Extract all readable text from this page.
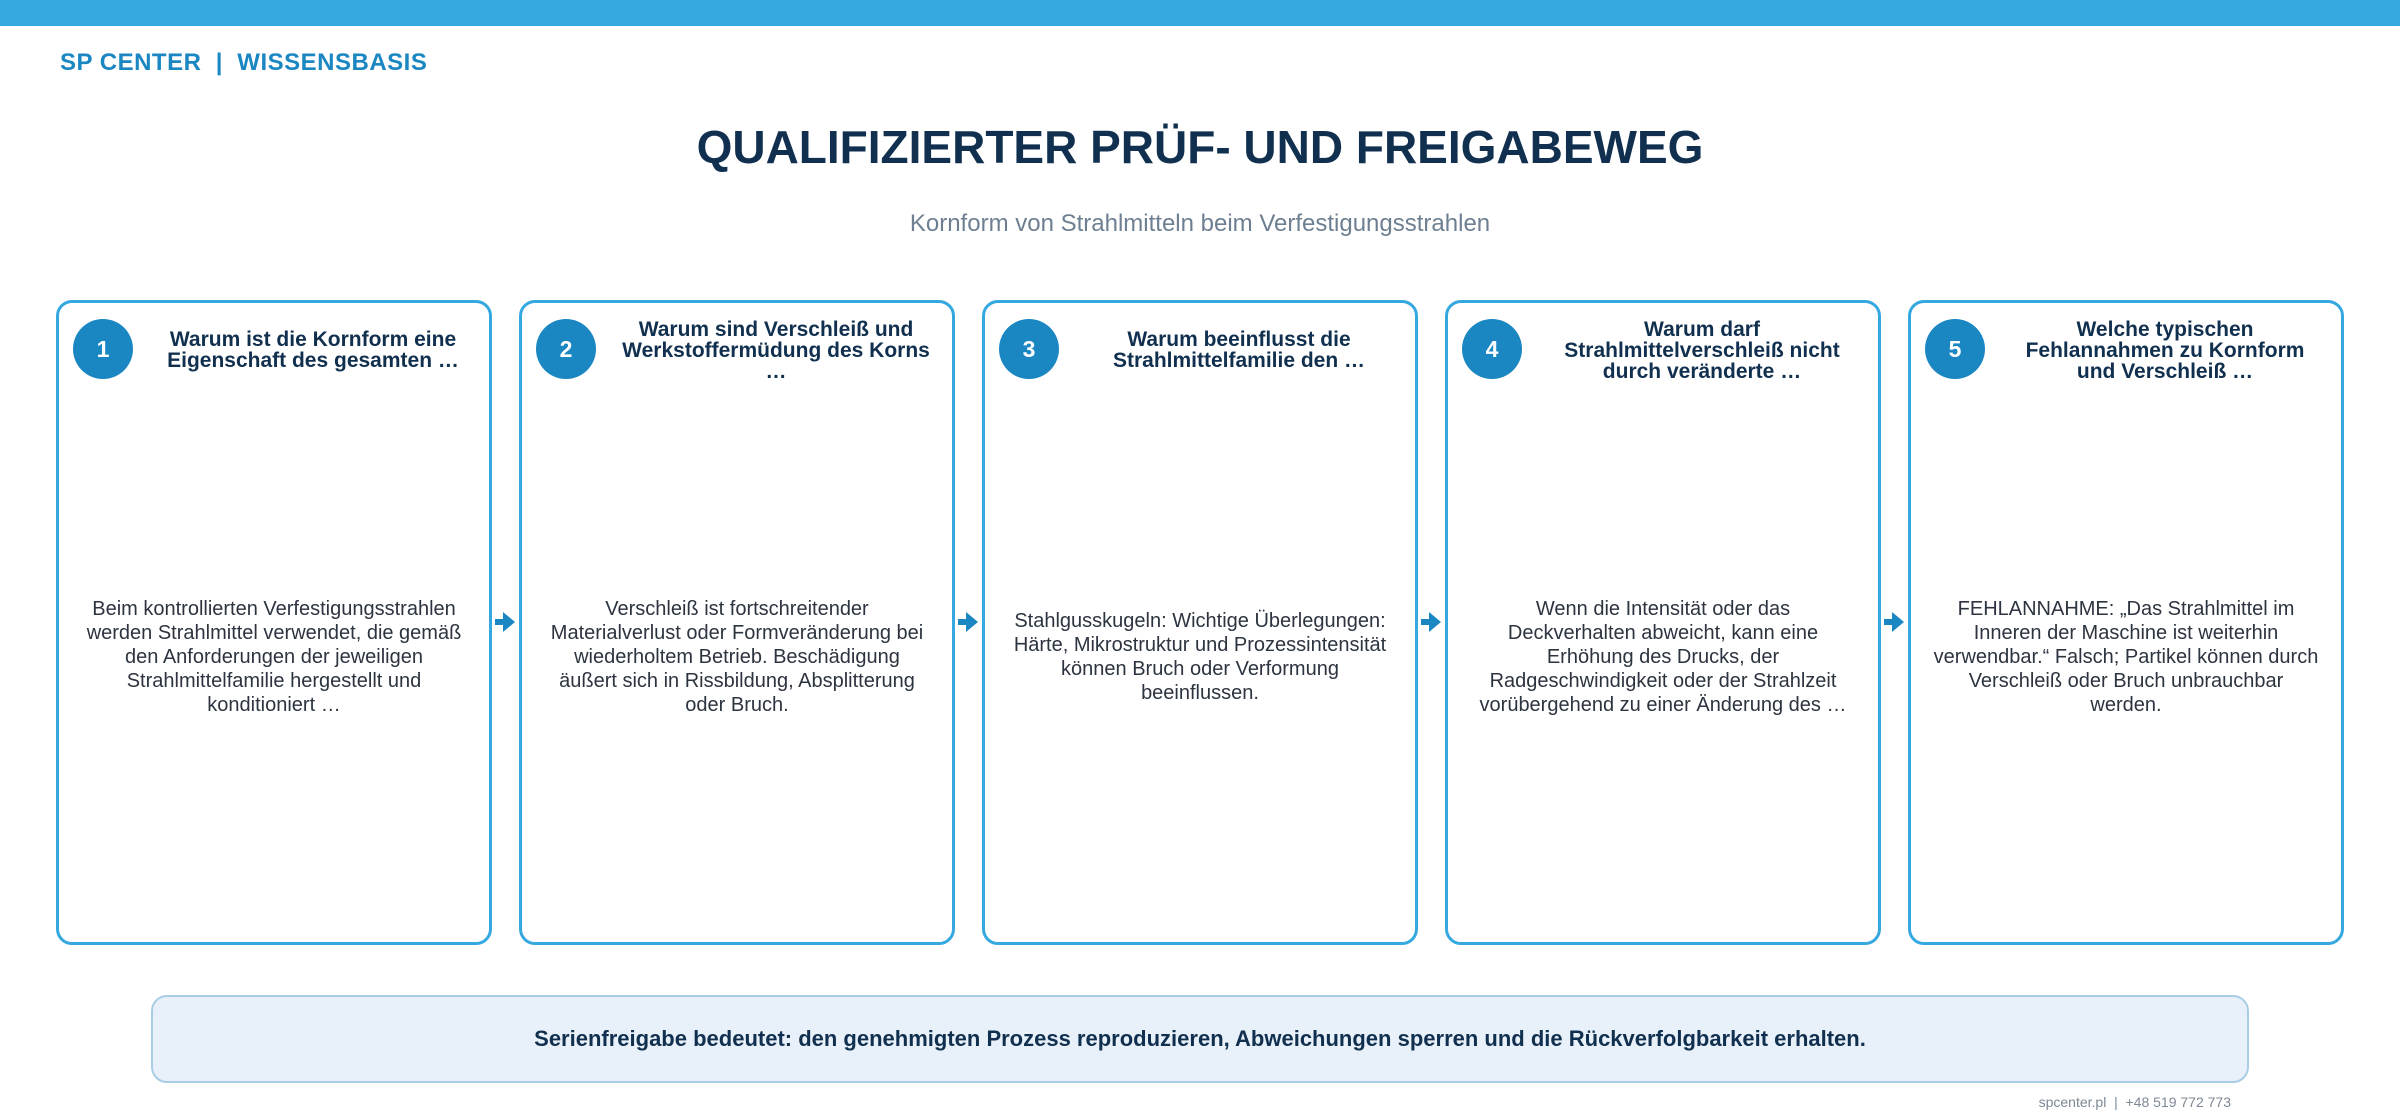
SP CENTER  |  WISSENSBASIS
QUALIFIZIERTER PRÜF- UND FREIGABEWEG
Kornform von Strahlmitteln beim Verfestigungsstrahlen
1	Warum ist die Kornform eine Eigenschaft des gesamten …
Beim kontrollierten Verfestigungsstrahlen werden Strahlmittel verwendet, die gemäß den Anforderungen der jeweiligen Strahlmittelfamilie hergestellt und konditioniert …
2
Warum sind Verschleiß und Werkstoffermüdung des Korns …
Verschleiß ist fortschreitender Materialverlust oder Formveränderung bei wiederholtem Betrieb. Beschädigung äußert sich in Rissbildung, Absplitterung oder Bruch.
3	Warum beeinflusst die Strahlmittelfamilie den …
Stahlgusskugeln: Wichtige Überlegungen: Härte, Mikrostruktur und Prozessintensität können Bruch oder Verformung beeinflussen.
4
Warum darf Strahlmittelverschleiß nicht durch veränderte …
Wenn die Intensität oder das Deckverhalten abweicht, kann eine Erhöhung des Drucks, der Radgeschwindigkeit oder der Strahlzeit vorübergehend zu einer Änderung des …
5
Welche typischen Fehlannahmen zu Kornform und Verschleiß …
FEHLANNAHME: „Das Strahlmittel im Inneren der Maschine ist weiterhin verwendbar.“ Falsch; Partikel können durch Verschleiß oder Bruch unbrauchbar werden.
Serienfreigabe bedeutet: den genehmigten Prozess reproduzieren, Abweichungen sperren und die Rückverfolgbarkeit erhalten.
spcenter.pl  |  +48 519 772 773
